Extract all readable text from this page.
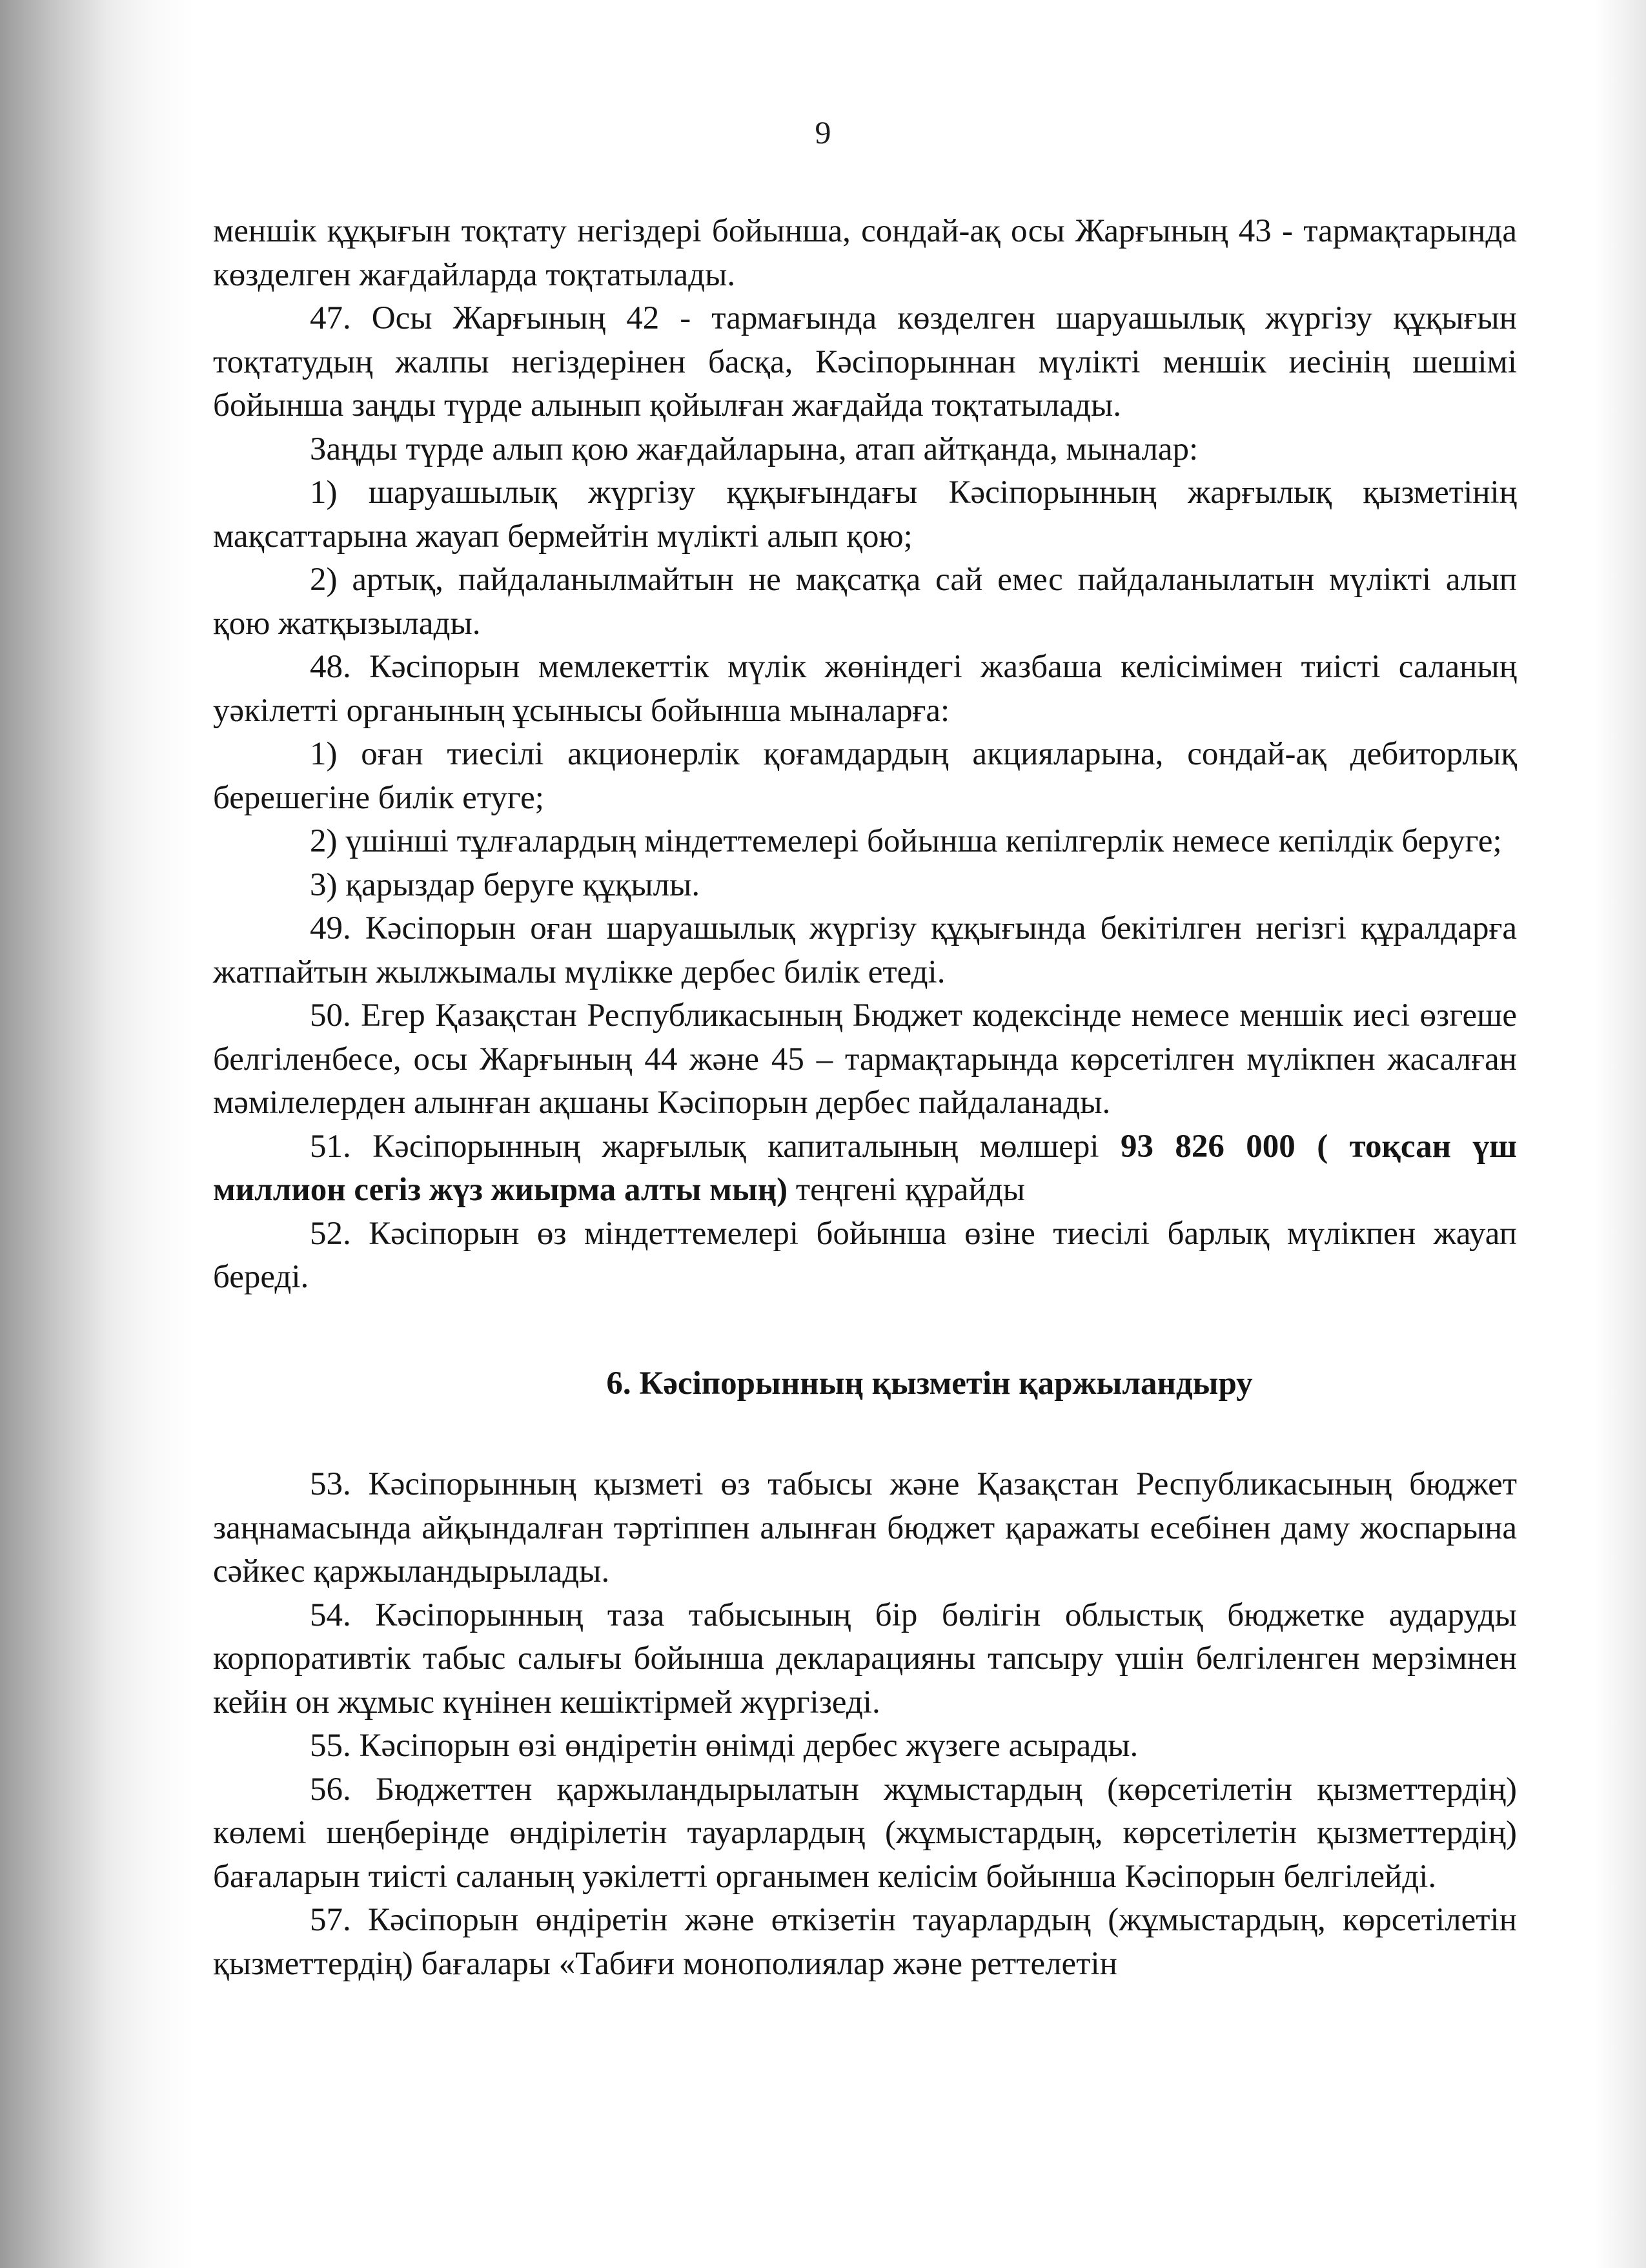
9

меншік құқығын тоқтату негіздері бойынша, сондай-ақ осы Жарғының 43 - тармақтарында көзделген жағдайларда тоқтатылады.

47. Осы Жарғының 42 - тармағында көзделген шаруашылық жүргізу құқығын тоқтатудың жалпы негіздерінен басқа, Кәсіпорыннан мүлікті меншік иесінің шешімі бойынша заңды түрде алынып қойылған жағдайда тоқтатылады.

Заңды түрде алып қою жағдайларына, атап айтқанда, мыналар:

1) шаруашылық жүргізу құқығындағы Кәсіпорынның жарғылық қызметінің мақсаттарына жауап бермейтін мүлікті алып қою;

2) артық, пайдаланылмайтын не мақсатқа сай емес пайдаланылатын мүлікті алып қою жатқызылады.

48. Кәсіпорын мемлекеттік мүлік жөніндегі жазбаша келісімімен тиісті саланың уәкілетті органының ұсынысы бойынша мыналарға:

1) оған тиесілі акционерлік қоғамдардың акцияларына, сондай-ақ дебиторлық берешегіне билік етуге;

2) үшінші тұлғалардың міндеттемелері бойынша кепілгерлік немесе кепілдік беруге;

3) қарыздар беруге құқылы.

49. Кәсіпорын оған шаруашылық жүргізу құқығында бекітілген негізгі құралдарға жатпайтын жылжымалы мүлікке дербес билік етеді.

50. Егер Қазақстан Республикасының Бюджет кодексінде немесе меншік иесі өзгеше белгіленбесе, осы Жарғының 44 және 45 – тармақтарында көрсетілген мүлікпен жасалған мәмілелерден алынған ақшаны Кәсіпорын дербес пайдаланады.

51. Кәсіпорынның жарғылық капиталының мөлшері 93 826 000 ( тоқсан үш миллион сегіз жүз жиырма алты мың) теңгені құрайды

52. Кәсіпорын өз міндеттемелері бойынша өзіне тиесілі барлық мүлікпен жауап береді.

6. Кәсіпорынның қызметін қаржыландыру

53. Кәсіпорынның қызметі өз табысы және Қазақстан Республикасының бюджет заңнамасында айқындалған тәртіппен алынған бюджет қаражаты есебінен даму жоспарына сәйкес қаржыландырылады.

54. Кәсіпорынның таза табысының бір бөлігін облыстық бюджетке аударуды корпоративтік табыс салығы бойынша декларацияны тапсыру үшін белгіленген мерзімнен кейін он жұмыс күнінен кешіктірмей жүргізеді.

55. Кәсіпорын өзі өндіретін өнімді дербес жүзеге асырады.

56. Бюджеттен қаржыландырылатын жұмыстардың (көрсетілетін қызметтердің) көлемі шеңберінде өндірілетін тауарлардың (жұмыстардың, көрсетілетін қызметтердің) бағаларын тиісті саланың уәкілетті органымен келісім бойынша Кәсіпорын белгілейді.

57. Кәсіпорын өндіретін және өткізетін тауарлардың (жұмыстардың, көрсетілетін қызметтердің) бағалары «Табиғи монополиялар және реттелетін
